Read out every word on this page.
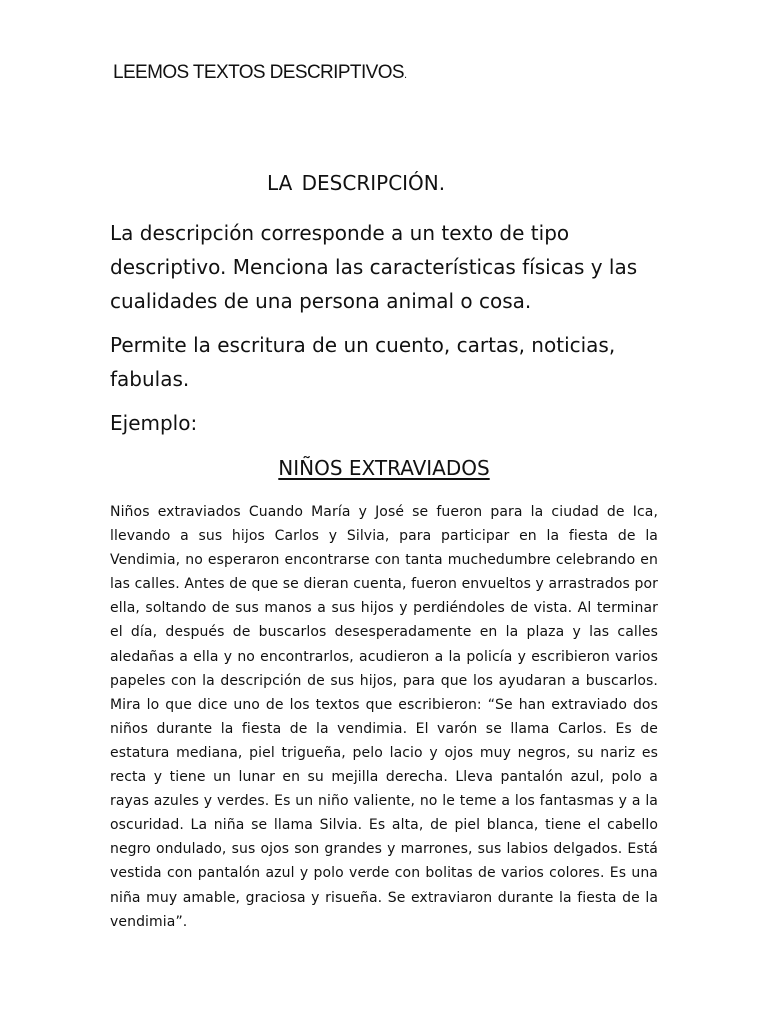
LEEMOS TEXTOS DESCRIPTIVOS.
LA DESCRIPCIÓN.

La descripción corresponde a un texto de tipo descriptivo. Menciona las características físicas y las cualidades de una persona animal o cosa.

Permite la escritura de un cuento, cartas, noticias, fabulas.

Ejemplo:

NIÑOS EXTRAVIADOS

Niños extraviados Cuando María y José se fueron para la ciudad de Ica, llevando a sus hijos Carlos y Silvia, para participar en la fiesta de la Vendimia, no esperaron encontrarse con tanta muchedumbre celebrando en las calles. Antes de que se dieran cuenta, fueron envueltos y arrastrados por ella, soltando de sus manos a sus hijos y perdiéndoles de vista. Al terminar el día, después de buscarlos desesperadamente en la plaza y las calles aledañas a ella y no encontrarlos, acudieron a la policía y escribieron varios papeles con la descripción de sus hijos, para que los ayudaran a buscarlos. Mira lo que dice uno de los textos que escribieron: “Se han extraviado dos niños durante la fiesta de la vendimia. El varón se llama Carlos. Es de estatura mediana, piel trigueña, pelo lacio y ojos muy negros, su nariz es recta y tiene un lunar en su mejilla derecha. Lleva pantalón azul, polo a rayas azules y verdes. Es un niño valiente, no le teme a los fantasmas y a la oscuridad. La niña se llama Silvia. Es alta, de piel blanca, tiene el cabello negro ondulado, sus ojos son grandes y marrones, sus labios delgados. Está vestida con pantalón azul y polo verde con bolitas de varios colores. Es una niña muy amable, graciosa y risueña. Se extraviaron durante la fiesta de la vendimia”.
